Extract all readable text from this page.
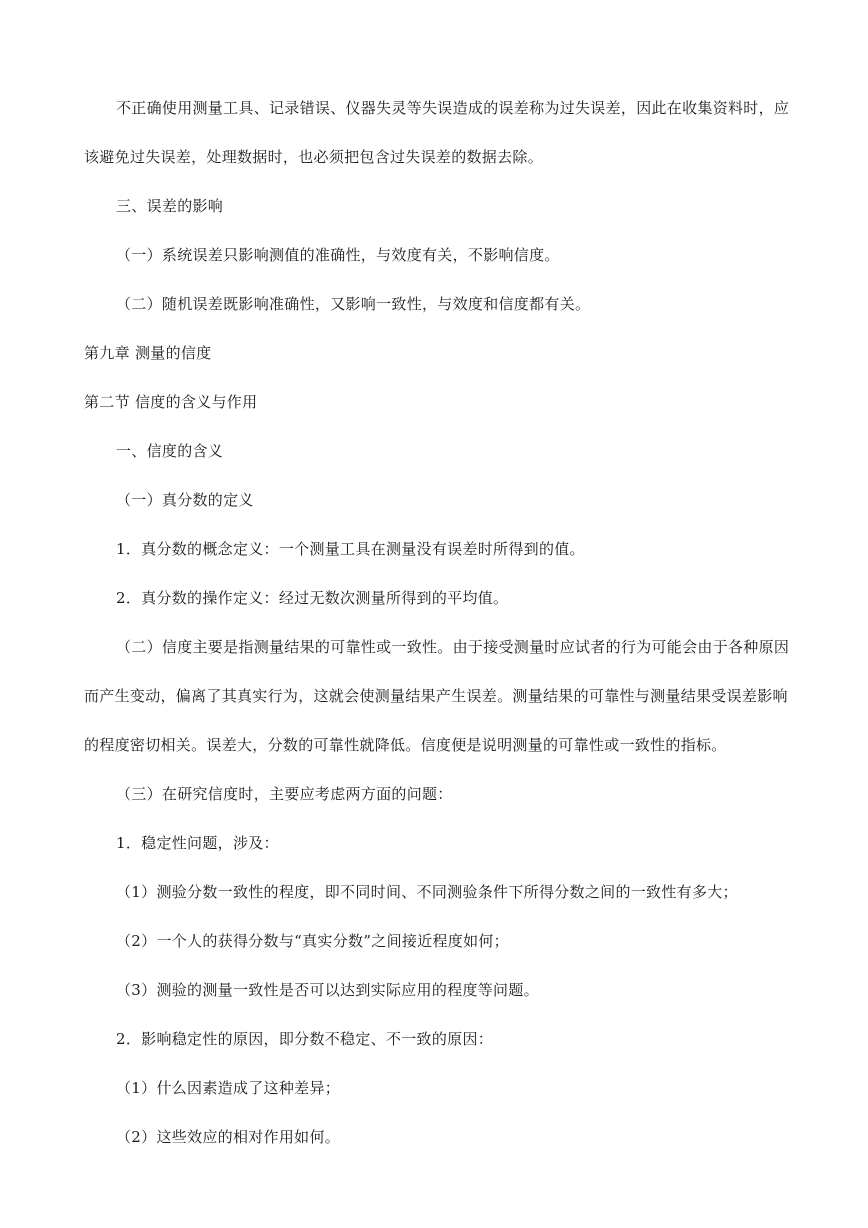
不正确使用测量工具、记录错误、仪器失灵等失误造成的误差称为过失误差，因此在收集资料时，应
该避免过失误差，处理数据时，也必须把包含过失误差的数据去除。
三、误差的影响
（一）系统误差只影响测值的准确性，与效度有关，不影响信度。
（二）随机误差既影响准确性，又影响一致性，与效度和信度都有关。
第九章 测量的信度
第二节 信度的含义与作用
一、信度的含义
（一）真分数的定义
1．真分数的概念定义：一个测量工具在测量没有误差时所得到的值。
2．真分数的操作定义：经过无数次测量所得到的平均值。
（二）信度主要是指测量结果的可靠性或一致性。由于接受测量时应试者的行为可能会由于各种原因
而产生变动，偏离了其真实行为，这就会使测量结果产生误差。测量结果的可靠性与测量结果受误差影响
的程度密切相关。误差大，分数的可靠性就降低。信度便是说明测量的可靠性或一致性的指标。
（三）在研究信度时，主要应考虑两方面的问题：
1．稳定性问题，涉及：
（1）测验分数一致性的程度，即不同时间、不同测验条件下所得分数之间的一致性有多大；
（2）一个人的获得分数与“真实分数”之间接近程度如何；
（3）测验的测量一致性是否可以达到实际应用的程度等问题。
2．影响稳定性的原因，即分数不稳定、不一致的原因：
（1）什么因素造成了这种差异；
（2）这些效应的相对作用如何。
